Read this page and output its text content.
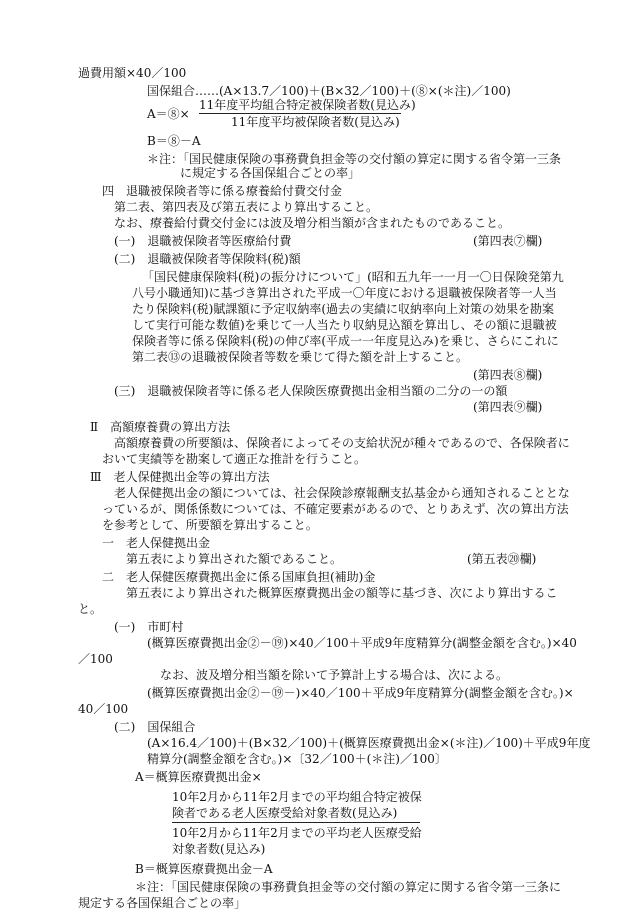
過費用額×40／100
国保組合……(A×13.7／100)＋(B×32／100)＋(⑧×(＊注)／100)
A＝⑧×
11年度平均組合特定被保険者数(見込み)
11年度平均被保険者数(見込み)
B＝⑧－A
＊注：「国民健康保険の事務費負担金等の交付額の算定に関する省令第一三条
に規定する各国保組合ごとの率」
四　退職被保険者等に係る療養給付費交付金
第二表、第四表及び第五表により算出すること。
なお、療養給付費交付金には波及増分相当額が含まれたものであること。
(一)　退職被保険者等医療給付費	(第四表⑦欄)
(二)　退職被保険者等保険料(税)額
「国民健康保険料(税)の振分けについて」(昭和五九年一一月一〇日保険発第九
八号小職通知)に基づき算出された平成一〇年度における退職被保険者等一人当
たり保険料(税)賦課額に予定収納率(過去の実績に収納率向上対策の効果を勘案
して実行可能な数値)を乗じて一人当たり収納見込額を算出し、その額に退職被
保険者等に係る保険料(税)の伸び率(平成一一年度見込み)を乗じ、さらにこれに
第二表⑬の退職被保険者等数を乗じて得た額を計上すること。
(第四表⑧欄)
(三)　退職被保険者等に係る老人保険医療費拠出金相当額の二分の一の額
(第四表⑨欄)
Ⅱ　高額療養費の算出方法
高額療養費の所要額は、保険者によってその支給状況が種々であるので、各保険者に
おいて実績等を勘案して適正な推計を行うこと。
Ⅲ　老人保健拠出金等の算出方法
老人保健拠出金の額については、社会保険診療報酬支払基金から通知されることとな
っているが、関係係数については、不確定要素があるので、とりあえず、次の算出方法
を参考として、所要額を算出すること。
一　老人保健拠出金
第五表により算出された額であること。	(第五表⑳欄)
二　老人保健医療費拠出金に係る国庫負担(補助)金
第五表により算出された概算医療費拠出金の額等に基づき、次により算出するこ
と。
(一)　市町村
(概算医療費拠出金②－⑲)×40／100＋平成9年度精算分(調整金額を含む。)×40
／100
なお、波及増分相当額を除いて予算計上する場合は、次による。
(概算医療費拠出金②－⑲－)×40／100＋平成9年度精算分(調整金額を含む。)×
40／100
(二)　国保組合
(A×16.4／100)＋(B×32／100)＋(概算医療費拠出金×(＊注)／100)＋平成9年度
精算分(調整金額を含む。)×〔32／100＋(＊注)／100〕
A＝概算医療費拠出金×
10年2月から11年2月までの平均組合特定被保
険者である老人医療受給対象者数(見込み)
10年2月から11年2月までの平均老人医療受給
対象者数(見込み)
B＝概算医療費拠出金－A
＊注：「国民健康保険の事務費負担金等の交付額の算定に関する省令第一三条に
規定する各国保組合ごとの率」
